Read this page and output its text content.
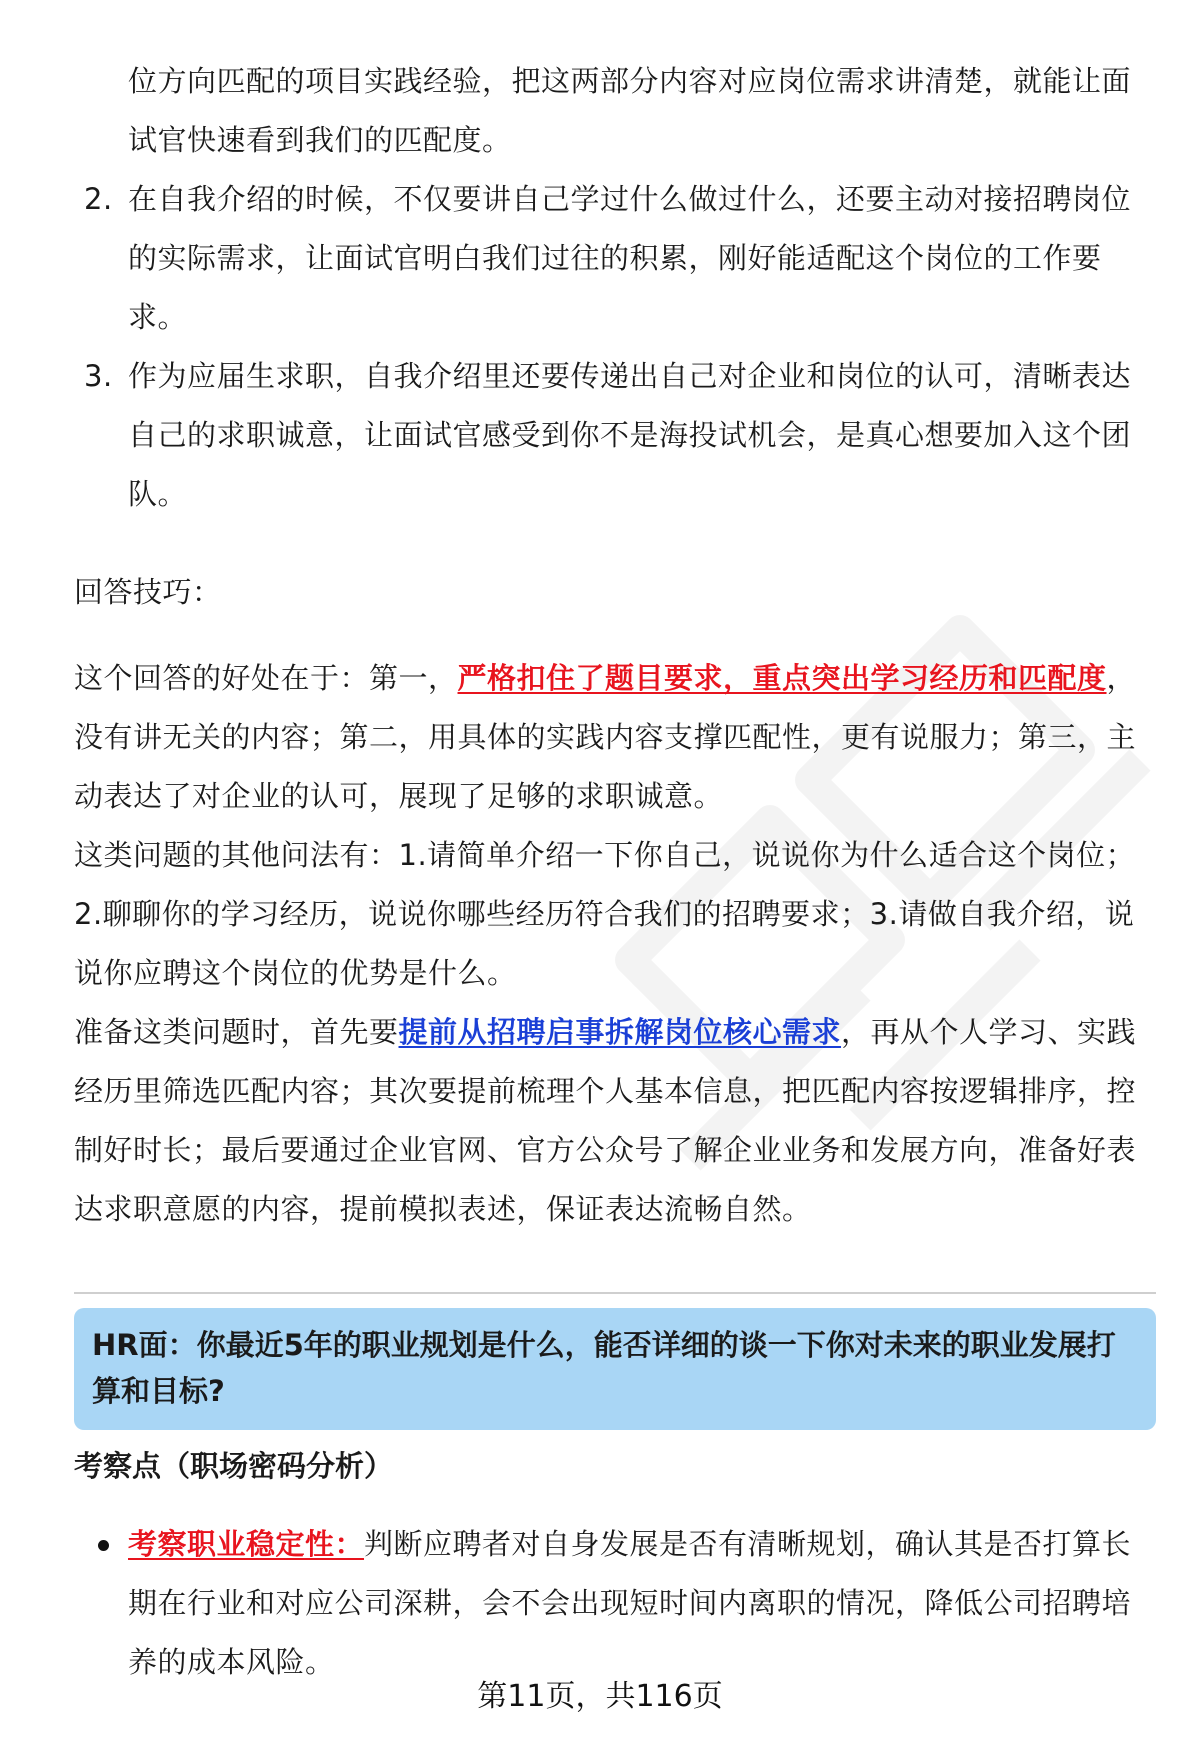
位方向匹配的项目实践经验，把这两部分内容对应岗位需求讲清楚，就能让面
试官快速看到我们的匹配度。
2. 在自我介绍的时候，不仅要讲自己学过什么做过什么，还要主动对接招聘岗位
的实际需求，让面试官明白我们过往的积累，刚好能适配这个岗位的工作要
求。
3. 作为应届生求职，自我介绍里还要传递出自己对企业和岗位的认可，清晰表达
自己的求职诚意，让面试官感受到你不是海投试机会，是真心想要加入这个团
队。

回答技巧：

这个回答的好处在于：第一，严格扣住了题目要求，重点突出学习经历和匹配度，
没有讲无关的内容；第二，用具体的实践内容支撑匹配性，更有说服力；第三，主
动表达了对企业的认可，展现了足够的求职诚意。
这类问题的其他问法有：1.请简单介绍一下你自己，说说你为什么适合这个岗位；
2.聊聊你的学习经历，说说你哪些经历符合我们的招聘要求；3.请做自我介绍，说
说你应聘这个岗位的优势是什么。
准备这类问题时，首先要提前从招聘启事拆解岗位核心需求，再从个人学习、实践
经历里筛选匹配内容；其次要提前梳理个人基本信息，把匹配内容按逻辑排序，控
制好时长；最后要通过企业官网、官方公众号了解企业业务和发展方向，准备好表
达求职意愿的内容，提前模拟表述，保证表达流畅自然。
HR面：你最近5年的职业规划是什么，能否详细的谈一下你对未来的职业发展打
算和目标?
考察点（职场密码分析）
考察职业稳定性：判断应聘者对自身发展是否有清晰规划，确认其是否打算长
期在行业和对应公司深耕，会不会出现短时间内离职的情况，降低公司招聘培
养的成本风险。
第11页，共116页
